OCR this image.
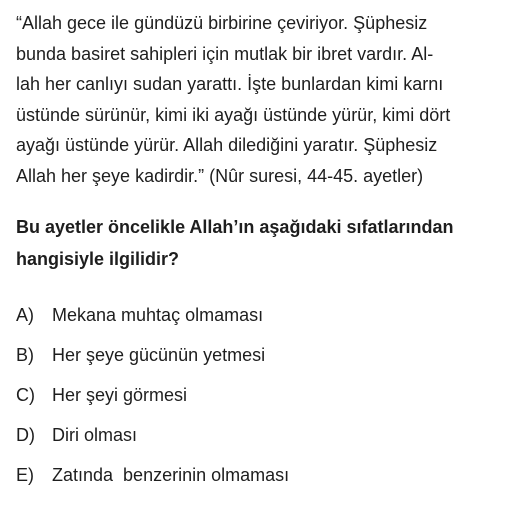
“Allah gece ile gündüzü birbirine çeviriyor. Şüphesiz
bunda basiret sahipleri için mutlak bir ibret vardır. Al-
lah her canlıyı sudan yarattı. İşte bunlardan kimi karnı
üstünde sürünür, kimi iki ayağı üstünde yürür, kimi dört
ayağı üstünde yürür. Allah dilediğini yaratır. Şüphesiz
Allah her şeye kadirdir.” (Nûr suresi, 44-45. ayetler)

Bu ayetler öncelikle Allah’ın aşağıdaki sıfatlarından
hangisiyle ilgilidir?

A)	Mekana muhtaç olmaması
B)	Her şeye gücünün yetmesi
C) Her şeyi görmesi
D) Diri olması
E)	Zatında  benzerinin olmaması
